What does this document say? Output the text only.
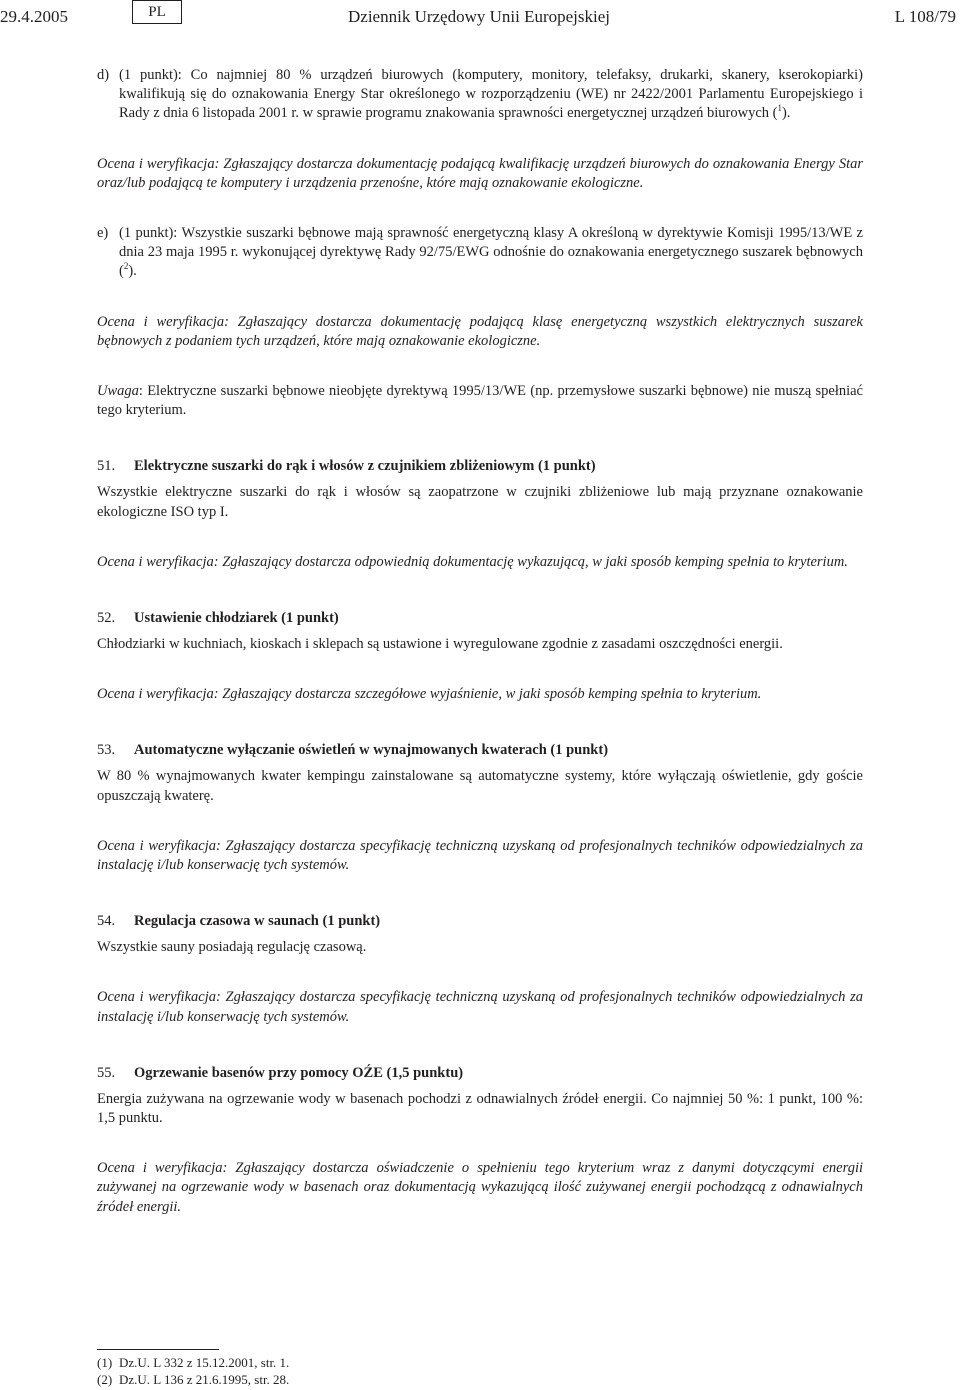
29.4.2005	PL	Dziennik Urzędowy Unii Europejskiej	L 108/79

d) (1 punkt): Co najmniej 80 % urządzeń biurowych (komputery, monitory, telefaksy, drukarki, skanery, kserokopiarki) kwalifikują się do oznakowania Energy Star określonego w rozporządzeniu (WE) nr 2422/2001 Parlamentu Europejskiego i Rady z dnia 6 listopada 2001 r. w sprawie programu znakowania sprawności energetycznej urządzeń biurowych ($^1$).

Ocena i weryfikacja: Zgłaszający dostarcza dokumentację podającą kwalifikację urządzeń biurowych do oznakowania Energy Star oraz/lub podającą te komputery i urządzenia przenośne, które mają oznakowanie ekologiczne.

e) (1 punkt): Wszystkie suszarki bębnowe mają sprawność energetyczną klasy A określoną w dyrektywie Komisji 1995/13/WE z dnia 23 maja 1995 r. wykonującej dyrektywę Rady 92/75/EWG odnośnie do oznakowania energetycznego suszarek bębnowych ($^2$).

Ocena i weryfikacja: Zgłaszający dostarcza dokumentację podającą klasę energetyczną wszystkich elektrycznych suszarek bębnowych z podaniem tych urządzeń, które mają oznakowanie ekologiczne.

Uwaga: Elektryczne suszarki bębnowe nieobjęte dyrektywą 1995/13/WE (np. przemysłowe suszarki bębnowe) nie muszą spełniać tego kryterium.

51. Elektryczne suszarki do rąk i włosów z czujnikiem zbliżeniowym (1 punkt)

Wszystkie elektryczne suszarki do rąk i włosów są zaopatrzone w czujniki zbliżeniowe lub mają przyznane oznakowanie ekologiczne ISO typ I.

Ocena i weryfikacja: Zgłaszający dostarcza odpowiednią dokumentację wykazującą, w jaki sposób kemping spełnia to kryterium.

52. Ustawienie chłodziarek (1 punkt)

Chłodziarki w kuchniach, kioskach i sklepach są ustawione i wyregulowane zgodnie z zasadami oszczędności energii.

Ocena i weryfikacja: Zgłaszający dostarcza szczegółowe wyjaśnienie, w jaki sposób kemping spełnia to kryterium.

53. Automatyczne wyłączanie oświetleń w wynajmowanych kwaterach (1 punkt)

W 80 % wynajmowanych kwater kempingu zainstalowane są automatyczne systemy, które wyłączają oświetlenie, gdy goście opuszczają kwaterę.

Ocena i weryfikacja: Zgłaszający dostarcza specyfikację techniczną uzyskaną od profesjonalnych techników odpowiedzialnych za instalację i/lub konserwację tych systemów.

54. Regulacja czasowa w saunach (1 punkt)

Wszystkie sauny posiadają regulację czasową.

Ocena i weryfikacja: Zgłaszający dostarcza specyfikację techniczną uzyskaną od profesjonalnych techników odpowiedzialnych za instalację i/lub konserwację tych systemów.

55. Ogrzewanie basenów przy pomocy OŹE (1,5 punktu)

Energia zużywana na ogrzewanie wody w basenach pochodzi z odnawialnych źródeł energii. Co najmniej 50 %: 1 punkt, 100 %: 1,5 punktu.

Ocena i weryfikacja: Zgłaszający dostarcza oświadczenie o spełnieniu tego kryterium wraz z danymi dotyczącymi energii zużywanej na ogrzewanie wody w basenach oraz dokumentacją wykazującą ilość zużywanej energii pochodzącą z odnawialnych źródeł energii.

(1) Dz.U. L 332 z 15.12.2001, str. 1.
(2) Dz.U. L 136 z 21.6.1995, str. 28.
